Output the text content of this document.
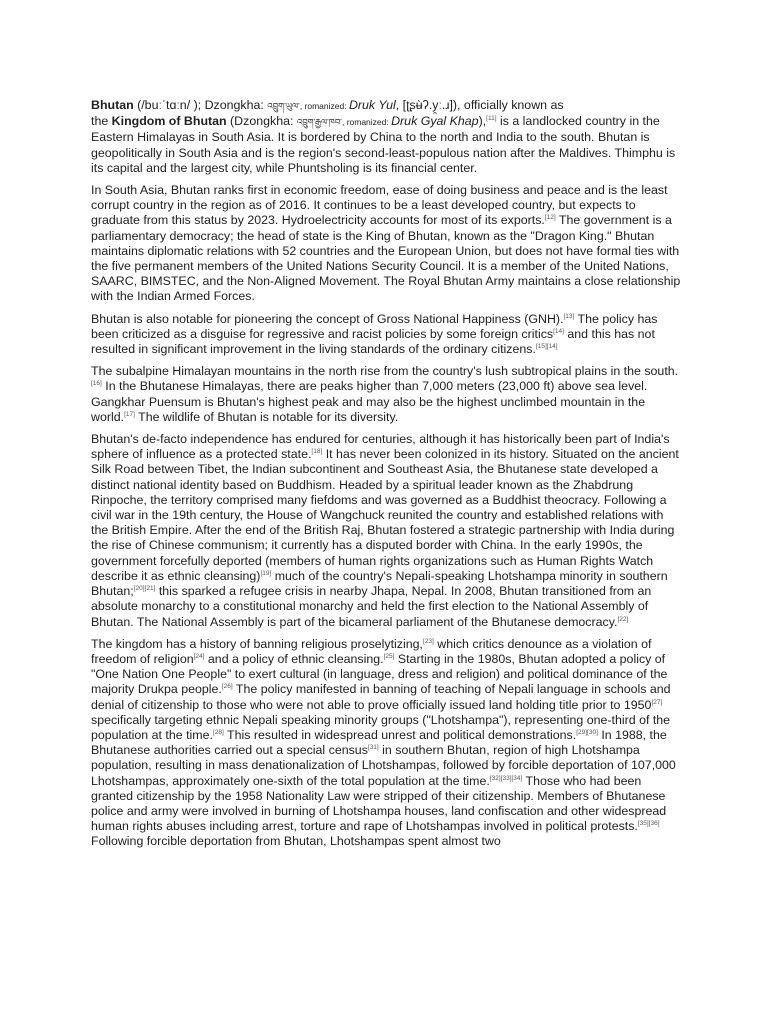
Bhutan (/buːˈtɑːn/ ); Dzongkha: འབྲུག་ཡུལ་, romanized: Druk Yul, [ʈʂʉ̀ʔ.y̯ː.ɹ]), officially known as
the Kingdom of Bhutan (Dzongkha: འབྲུག་རྒྱལ་ཁབ་, romanized: Druk Gyal Khap),[11] is a landlocked country in the Eastern Himalayas in South Asia. It is bordered by China to the north and India to the south. Bhutan is geopolitically in South Asia and is the region's second-least-populous nation after the Maldives. Thimphu is its capital and the largest city, while Phuntsholing is its financial center.

In South Asia, Bhutan ranks first in economic freedom, ease of doing business and peace and is the least corrupt country in the region as of 2016. It continues to be a least developed country, but expects to graduate from this status by 2023. Hydroelectricity accounts for most of its exports.[12] The government is a parliamentary democracy; the head of state is the King of Bhutan, known as the "Dragon King." Bhutan maintains diplomatic relations with 52 countries and the European Union, but does not have formal ties with the five permanent members of the United Nations Security Council. It is a member of the United Nations, SAARC, BIMSTEC, and the Non-Aligned Movement. The Royal Bhutan Army maintains a close relationship with the Indian Armed Forces.

Bhutan is also notable for pioneering the concept of Gross National Happiness (GNH).[13] The policy has been criticized as a disguise for regressive and racist policies by some foreign critics[14] and this has not resulted in significant improvement in the living standards of the ordinary citizens.[15][14]

The subalpine Himalayan mountains in the north rise from the country's lush subtropical plains in the south.[16] In the Bhutanese Himalayas, there are peaks higher than 7,000 meters (23,000 ft) above sea level. Gangkhar Puensum is Bhutan's highest peak and may also be the highest unclimbed mountain in the world.[17] The wildlife of Bhutan is notable for its diversity.

Bhutan's de-facto independence has endured for centuries, although it has historically been part of India's sphere of influence as a protected state.[18] It has never been colonized in its history. Situated on the ancient Silk Road between Tibet, the Indian subcontinent and Southeast Asia, the Bhutanese state developed a distinct national identity based on Buddhism. Headed by a spiritual leader known as the Zhabdrung Rinpoche, the territory comprised many fiefdoms and was governed as a Buddhist theocracy. Following a civil war in the 19th century, the House of Wangchuck reunited the country and established relations with the British Empire. After the end of the British Raj, Bhutan fostered a strategic partnership with India during the rise of Chinese communism; it currently has a disputed border with China. In the early 1990s, the government forcefully deported (members of human rights organizations such as Human Rights Watch describe it as ethnic cleansing)[19] much of the country's Nepali-speaking Lhotshampa minority in southern Bhutan;[20][21] this sparked a refugee crisis in nearby Jhapa, Nepal. In 2008, Bhutan transitioned from an absolute monarchy to a constitutional monarchy and held the first election to the National Assembly of Bhutan. The National Assembly is part of the bicameral parliament of the Bhutanese democracy.[22]

The kingdom has a history of banning religious proselytizing,[23] which critics denounce as a violation of freedom of religion[24] and a policy of ethnic cleansing.[25] Starting in the 1980s, Bhutan adopted a policy of "One Nation One People" to exert cultural (in language, dress and religion) and political dominance of the majority Drukpa people.[26] The policy manifested in banning of teaching of Nepali language in schools and denial of citizenship to those who were not able to prove officially issued land holding title prior to 1950[27] specifically targeting ethnic Nepali speaking minority groups ("Lhotshampa"), representing one-third of the population at the time.[28] This resulted in widespread unrest and political demonstrations.[29][30] In 1988, the Bhutanese authorities carried out a special census[31] in southern Bhutan, region of high Lhotshampa population, resulting in mass denationalization of Lhotshampas, followed by forcible deportation of 107,000 Lhotshampas, approximately one-sixth of the total population at the time.[32][33][34] Those who had been granted citizenship by the 1958 Nationality Law were stripped of their citizenship. Members of Bhutanese police and army were involved in burning of Lhotshampa houses, land confiscation and other widespread human rights abuses including arrest, torture and rape of Lhotshampas involved in political protests.[35][36] Following forcible deportation from Bhutan, Lhotshampas spent almost two
